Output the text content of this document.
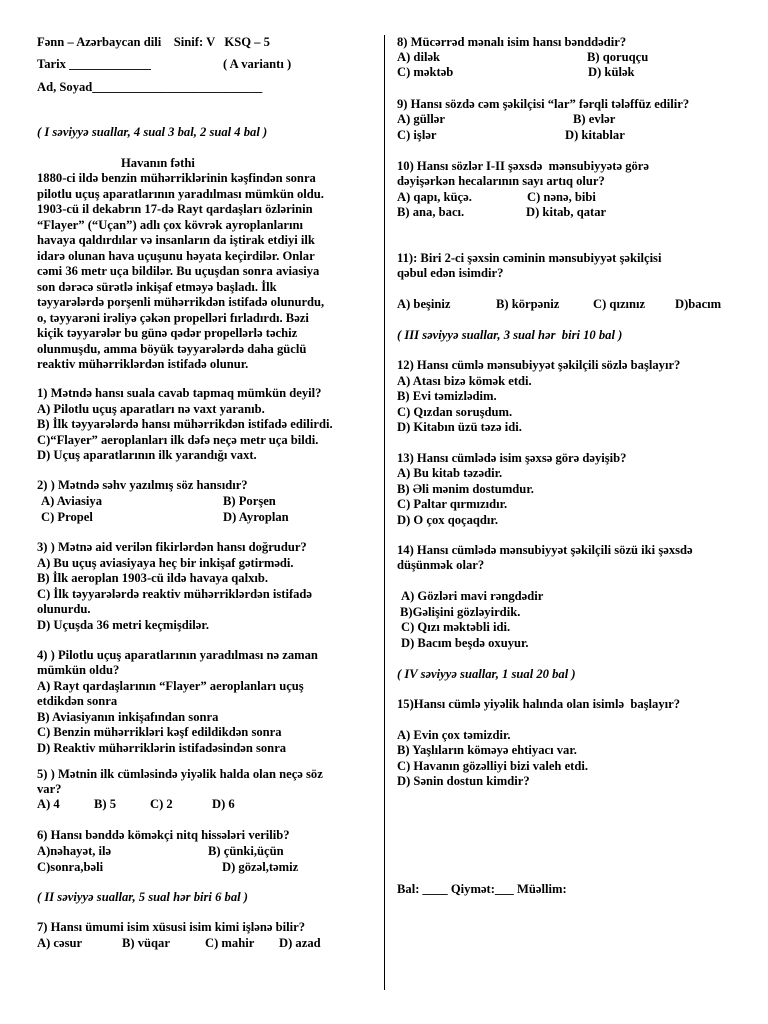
Fənn – Azərbaycan dili    Sinif: V   KSQ – 5
Tarix _____________	( A variantı )
Ad, Soyad___________________________
( I səviyyə suallar, 4 sual 3 bal, 2 sual 4 bal )
Havanın fəthi
1880-ci ildə benzin mühərriklərinin kəşfindən sonra
pilotlu uçuş aparatlarının yaradılması mümkün oldu.
1903-cü il dekabrın 17-də Rayt qardaşları özlərinin
“Flayer” (“Uçan”) adlı çox kövrək ayroplanlarını
havaya qaldırdılar və insanların da iştirak etdiyi ilk
idarə olunan hava uçuşunu həyata keçirdilər. Onlar
cəmi 36 metr uça bildilər. Bu uçuşdan sonra aviasiya
son dərəcə sürətlə inkişaf etməyə başladı. İlk
təyyarələrdə porşenli mühərrikdən istifadə olunurdu,
o, təyyarəni irəliyə çəkən propelləri fırladırdı. Bəzi
kiçik təyyarələr bu günə qədər propellərlə təchiz
olunmuşdu, amma böyük təyyarələrdə daha güclü
reaktiv mühərriklərdən istifadə olunur.
1) Mətndə hansı suala cavab tapmaq mümkün deyil?
A) Pilotlu uçuş aparatları nə vaxt yaranıb.
B) İlk təyyarələrdə hansı mühərrikdən istifadə edilirdi.
C)“Flayer” aeroplanları ilk dəfə neçə metr uça bildi.
D) Uçuş aparatlarının ilk yarandığı vaxt.
2) ) Mətndə səhv yazılmış söz hansıdır?
A) Aviasiya	B) Porşen
C) Propel	D) Ayroplan
3) ) Mətnə aid verilən fikirlərdən hansı doğrudur?
A) Bu uçuş aviasiyaya heç bir inkişaf gətirmədi.
B) İlk aeroplan 1903-cü ildə havaya qalxıb.
C) İlk təyyarələrdə reaktiv mühərriklərdən istifadə
olunurdu.
D) Uçuşda 36 metri keçmişdilər.
4) ) Pilotlu uçuş aparatlarının yaradılması nə zaman
mümkün oldu?
A) Rayt qardaşlarının “Flayer” aeroplanları uçuş
etdikdən sonra
B) Aviasiyanın inkişafından sonra
C) Benzin mühərrikləri kəşf edildikdən sonra
D) Reaktiv mühərriklərin istifadəsindən sonra
5) ) Mətnin ilk cümləsində yiyəlik halda olan neçə söz
var?
A) 4	B) 5	C) 2	D) 6
6) Hansı bənddə köməkçi nitq hissələri verilib?
A)nəhayət, ilə	B) çünki,üçün
C)sonra,bəli	D) gözəl,təmiz
( II səviyyə suallar, 5 sual hər biri 6 bal )
7) Hansı ümumi isim xüsusi isim kimi işlənə bilir?
A) cəsur	B) vüqar	C) mahir D) azad
8) Mücərrəd mənalı isim hansı bənddədir?
A) dilək	B) qoruqçu
C) məktəb	D) külək
9) Hansı sözdə cəm şəkilçisi “lar” fərqli tələffüz edilir?
A) güllər	B) evlər
C) işlər	D) kitablar
10) Hansı sözlər I-II şəxsdə  mənsubiyyətə görə
dəyişərkən hecalarının sayı artıq olur?
A) qapı, küçə.	C) nənə, bibi
B) ana, bacı.	D) kitab, qatar
11): Biri 2-ci şəxsin cəminin mənsubiyyət şəkilçisi
qəbul edən isimdir?
A) beşiniz	B) körpəniz	C) qızınız D)bacım
( III səviyyə suallar, 3 sual hər  biri 10 bal )
12) Hansı cümlə mənsubiyyət şəkilçili sözlə başlayır?
A) Atası bizə kömək etdi.
B) Evi təmizlədim.
C) Qızdan soruşdum.
D) Kitabın üzü təzə idi.
13) Hansı cümlədə isim şəxsə görə dəyişib?
A) Bu kitab təzədir.
B) Əli mənim dostumdur.
C) Paltar qırmızıdır.
D) O çox qoçaqdır.
14) Hansı cümlədə mənsubiyyət şəkilçili sözü iki şəxsdə
düşünmək olar?
A) Gözləri mavi rəngdədir
B)Gəlişini gözləyirdik.
C) Qızı məktəbli idi.
D) Bacım beşdə oxuyur.
( IV səviyyə suallar, 1 sual 20 bal )
15)Hansı cümlə yiyəlik halında olan isimlə  başlayır?
A) Evin çox təmizdir.
B) Yaşlıların köməyə ehtiyacı var.
C) Havanın gözəlliyi bizi valeh etdi.
D) Sənin dostun kimdir?
Bal: ____ Qiymət:___ Müəllim:
